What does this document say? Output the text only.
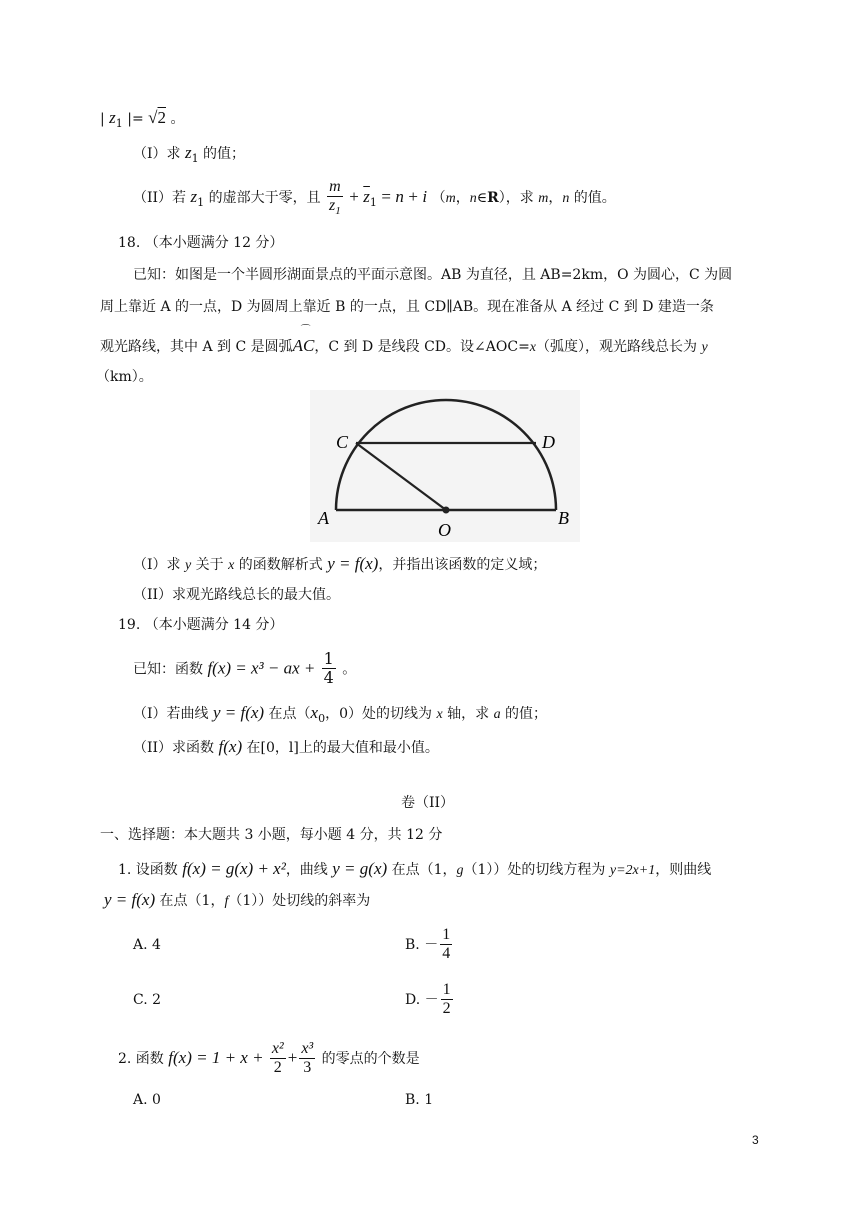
| $z_1$ |= √2 。
（I）求 $z_1$ 的值；
（II）若 $z_1$ 的虚部大于零，且 $\frac{m}{z_1} + \overline{z}_1 = n + i$ （m，n∈R），求 m，n 的值。
18. （本小题满分 12 分）
已知：如图是一个半圆形湖面景点的平面示意图。AB 为直径，且 AB=2km，O 为圆心，C 为圆
周上靠近 A 的一点，D 为圆周上靠近 B 的一点，且 CD∥AB。现在准备从 A 经过 C 到 D 建造一条
观光路线，其中 A 到 C 是圆弧
⌒
AC，C 到 D 是线段 CD。设∠AOC=x（弧度），观光路线总长为 y
（km）。
A	B
C	D
O
（I）求 y 关于 x 的函数解析式 y = f(x)，并指出该函数的定义域；
（II）求观光路线总长的最大值。
19. （本小题满分 14 分）
已知：函数 f(x) = x³ − ax + $\frac{1}{4}$ 。
（I）若曲线 y = f(x) 在点（$x_0$，0）处的切线为 x 轴，求 a 的值；
（II）求函数 f(x) 在[0，l]上的最大值和最小值。
卷（II）
一、选择题：本大题共 3 小题，每小题 4 分，共 12 分
1. 设函数 f(x) = g(x) + x²，曲线 y = g(x) 在点（1，g（1））处的切线方程为 y=2x+1，则曲线
y = f(x) 在点（1，f（1））处切线的斜率为
A. 4	B. － $\frac{1}{4}$
C. 2	D. － $\frac{1}{2}$
2. 函数 $f(x) = 1 + x + \frac{\text{x²}}{2} + \frac{\text{x³}}{3}$ 的零点的个数是
A. 0	B. 1
3
